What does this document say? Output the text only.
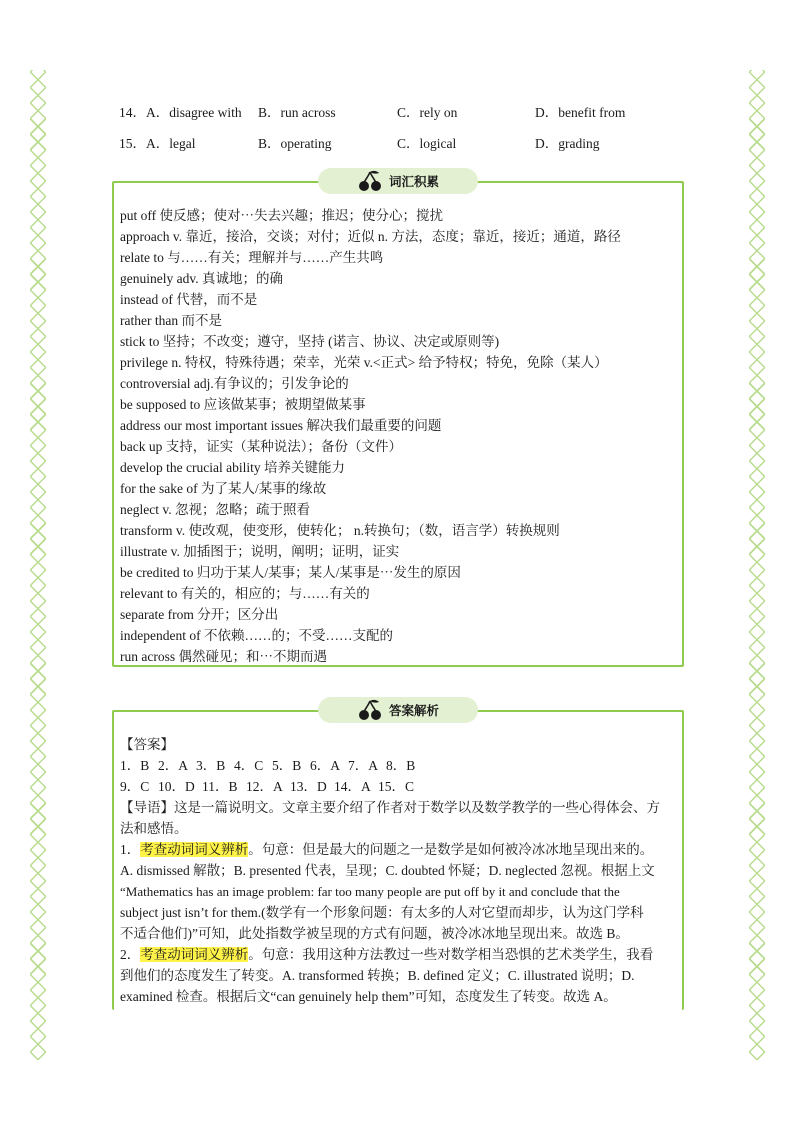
14．A．disagree with B．run across	C．rely on	D．benefit from
15．A．legal	B．operating	C．logical	D．grading
词汇积累
put off 使反感；使对⋯失去兴趣；推迟；使分心；搅扰
approach v. 靠近，接洽，交谈；对付；近似 n. 方法，态度；靠近，接近；通道，路径
relate to 与……有关；理解并与……产生共鸣
genuinely adv. 真诚地；的确
instead of 代替，而不是
rather than 而不是
stick to 坚持；不改变；遵守，坚持 (诺言、协议、决定或原则等)
privilege n. 特权，特殊待遇；荣幸，光荣 v.<正式> 给予特权；特免，免除（某人）
controversial adj.有争议的；引发争论的
be supposed to 应该做某事；被期望做某事
address our most important issues 解决我们最重要的问题
back up 支持，证实（某种说法）；备份（文件）
develop the crucial ability 培养关键能力
for the sake of 为了某人/某事的缘故
neglect v. 忽视；忽略；疏于照看
transform v. 使改观，使变形，使转化； n.转换句；（数，语言学）转换规则
illustrate v. 加插图于；说明，阐明；证明，证实
be credited to 归功于某人/某事；某人/某事是⋯发生的原因
relevant to 有关的，相应的；与……有关的
separate from 分开；区分出
independent of 不依赖……的；不受……支配的
run across 偶然碰见；和⋯不期而遇
答案解析
【答案】
1．B 2．A 3．B 4．C 5．B 6．A 7．A 8．B
9．C 10．D 11．B 12．A 13．D 14．A 15．C
【导语】这是一篇说明文。文章主要介绍了作者对于数学以及数学教学的一些心得体会、方
法和感悟。
1．考查动词词义辨析。句意：但是最大的问题之一是数学是如何被冷冰冰地呈现出来的。
A. dismissed 解散；B. presented 代表，呈现；C. doubted 怀疑；D. neglected 忽视。根据上文
“Mathematics has an image problem: far too many people are put off by it and conclude that the
subject just isn’t for them.(数学有一个形象问题：有太多的人对它望而却步，认为这门学科
不适合他们)”可知，此处指数学被呈现的方式有问题，被冷冰冰地呈现出来。故选 B。
2．考查动词词义辨析。句意：我用这种方法教过一些对数学相当恐惧的艺术类学生，我看
到他们的态度发生了转变。A. transformed 转换；B. defined 定义；C. illustrated 说明；D.
examined 检查。根据后文“can genuinely help them”可知，态度发生了转变。故选 A。
